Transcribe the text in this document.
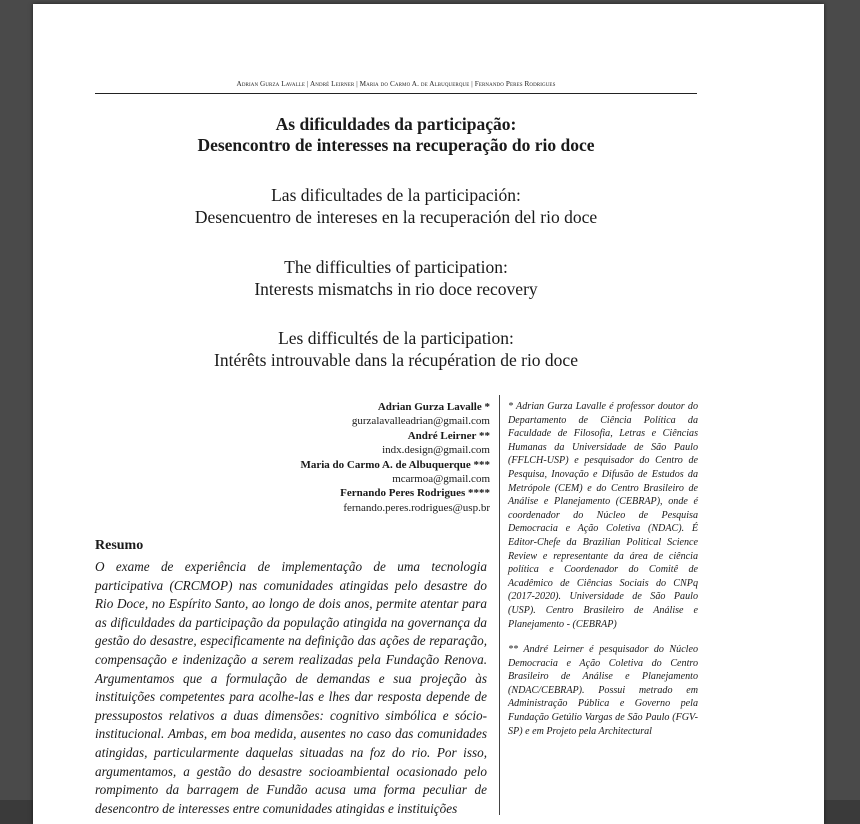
Adrian Gurza Lavalle | André Leirner | Maria do Carmo A. de Albuquerque | Fernando Peres Rodrigues
As dificuldades da participação:
Desencontro de interesses na recuperação do rio doce
Las dificultades de la participación:
Desencuentro de intereses en la recuperación del rio doce
The difficulties of participation:
Interests mismatchs in rio doce recovery
Les difficultés de la participation:
Intérêts introuvable dans la récupération de rio doce
Adrian Gurza Lavalle *
gurzalavalleadrian@gmail.com
André Leirner **
indx.design@gmail.com
Maria do Carmo A. de Albuquerque ***
mcarmoa@gmail.com
Fernando Peres Rodrigues ****
fernando.peres.rodrigues@usp.br

* Adrian Gurza Lavalle é professor doutor do Departamento de Ciência Política da Faculdade de Filosofia, Letras e Ciências Humanas da Universidade de São Paulo (FFLCH-USP) e pesquisador do Centro de Pesquisa, Inovação e Difusão de Estudos da Metrópole (CEM) e do Centro Brasileiro de Análise e Planejamento (CEBRAP), onde é coordenador do Núcleo de Pesquisa Democracia e Ação Coletiva (NDAC). É Editor-Chefe da Brazilian Political Science Review e representante da área de ciência política e Coordenador do Comitê de Acadêmico de Ciências Sociais do CNPq (2017-2020). Universidade de São Paulo (USP). Centro Brasileiro de Análise e Planejamento - (CEBRAP)

** André Leirner é pesquisador do Núcleo Democracia e Ação Coletiva do Centro Brasileiro de Análise e Planejamento (NDAC/CEBRAP). Possui metrado em Administração Pública e Governo pela Fundação Getúlio Vargas de São Paulo (FGV-SP) e em Projeto pela Architectural

Resumo
O exame de experiência de implementação de uma tecnologia participativa (CRCMOP) nas comunidades atingidas pelo desastre do Rio Doce, no Espírito Santo, ao longo de dois anos, permite atentar para as dificuldades da participação da população atingida na governança da gestão do desastre, especificamente na definição das ações de reparação, compensação e indenização a serem realizadas pela Fundação Renova. Argumentamos que a formulação de demandas e sua projeção às instituições competentes para acolhe-las e lhes dar resposta depende de pressupostos relativos a duas dimensões: cognitivo simbólica e sócio-institucional. Ambas, em boa medida, ausentes no caso das comunidades atingidas, particularmente daquelas situadas na foz do rio. Por isso, argumentamos, a gestão do desastre socioambiental ocasionado pelo rompimento da barragem de Fundão acusa uma forma peculiar de desencontro de interesses entre comunidades atingidas e instituições
